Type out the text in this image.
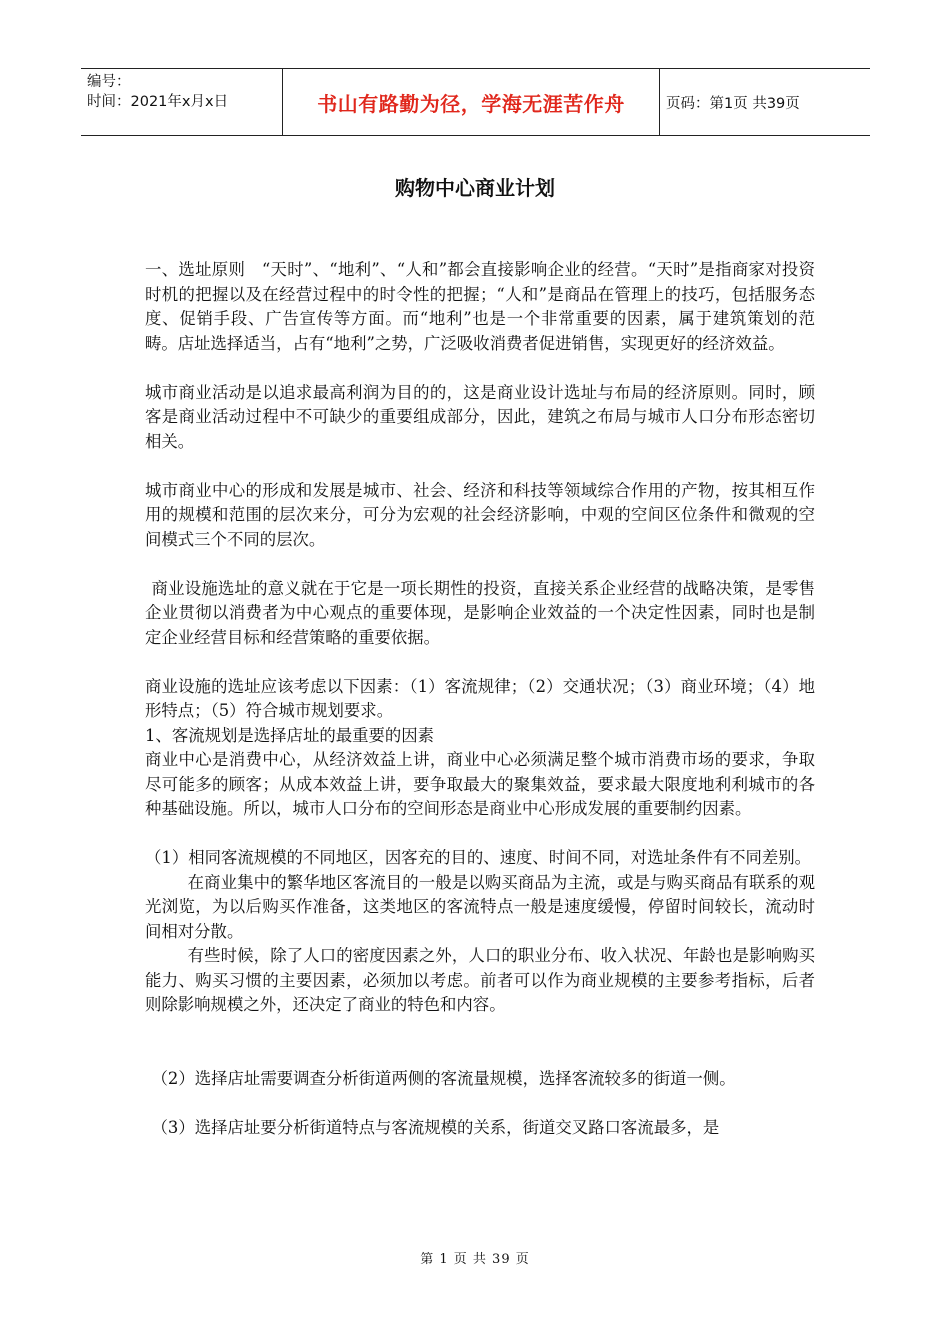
编号：
时间：2021年x月x日	书山有路勤为径，学海无涯苦作舟	页码：第1页 共39页
购物中心商业计划

一、选址原则　“天时”、“地利”、“人和”都会直接影响企业的经营。“天时”是指商家对投资时机的把握以及在经营过程中的时令性的把握；“人和”是商品在管理上的技巧，包括服务态度、促销手段、广告宣传等方面。而“地利”也是一个非常重要的因素，属于建筑策划的范畴。店址选择适当，占有“地利”之势，广泛吸收消费者促进销售，实现更好的经济效益。

城市商业活动是以追求最高利润为目的的，这是商业设计选址与布局的经济原则。同时，顾客是商业活动过程中不可缺少的重要组成部分，因此，建筑之布局与城市人口分布形态密切相关。

城市商业中心的形成和发展是城市、社会、经济和科技等领域综合作用的产物，按其相互作用的规模和范围的层次来分，可分为宏观的社会经济影响，中观的空间区位条件和微观的空间模式三个不同的层次。

商业设施选址的意义就在于它是一项长期性的投资，直接关系企业经营的战略决策，是零售企业贯彻以消费者为中心观点的重要体现，是影响企业效益的一个决定性因素，同时也是制定企业经营目标和经营策略的重要依据。

商业设施的选址应该考虑以下因素：（1）客流规律；（2）交通状况；（3）商业环境；（4）地形特点；（5）符合城市规划要求。

1、客流规划是选择店址的最重要的因素

商业中心是消费中心，从经济效益上讲，商业中心必须满足整个城市消费市场的要求，争取尽可能多的顾客；从成本效益上讲，要争取最大的聚集效益，要求最大限度地利利城市的各种基础设施。所以，城市人口分布的空间形态是商业中心形成发展的重要制约因素。

（1）相同客流规模的不同地区，因客充的目的、速度、时间不同，对选址条件有不同差别。

在商业集中的繁华地区客流目的一般是以购买商品为主流，或是与购买商品有联系的观光浏览，为以后购买作准备，这类地区的客流特点一般是速度缓慢，停留时间较长，流动时间相对分散。

有些时候，除了人口的密度因素之外，人口的职业分布、收入状况、年龄也是影响购买能力、购买习惯的主要因素，必须加以考虑。前者可以作为商业规模的主要参考指标，后者则除影响规模之外，还决定了商业的特色和内容。

（2）选择店址需要调查分析街道两侧的客流量规模，选择客流较多的街道一侧。

（3）选择店址要分析街道特点与客流规模的关系，街道交叉路口客流最多，是

第 1 页 共 39 页
